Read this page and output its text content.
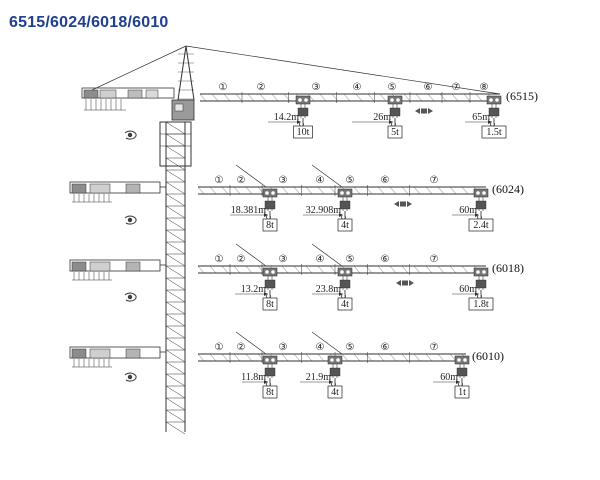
6515/6024/6018/6010
①	②	③	④	⑤	⑥ ⑦ ⑧
(6515)
14.2m
10t
26m
5t
65m
1.5t
① ②	③	④ ⑤	⑥	⑦
(6024)
18.381m
8t
32.908m
4t
60m
2.4t
① ②	③	④ ⑤	⑥	⑦
(6018)
13.2m
8t
23.8m
4t
60m
1.8t
① ②	③	④ ⑤	⑥	⑦
(6010)
11.8m
8t
21.9m
4t
60m
1t
